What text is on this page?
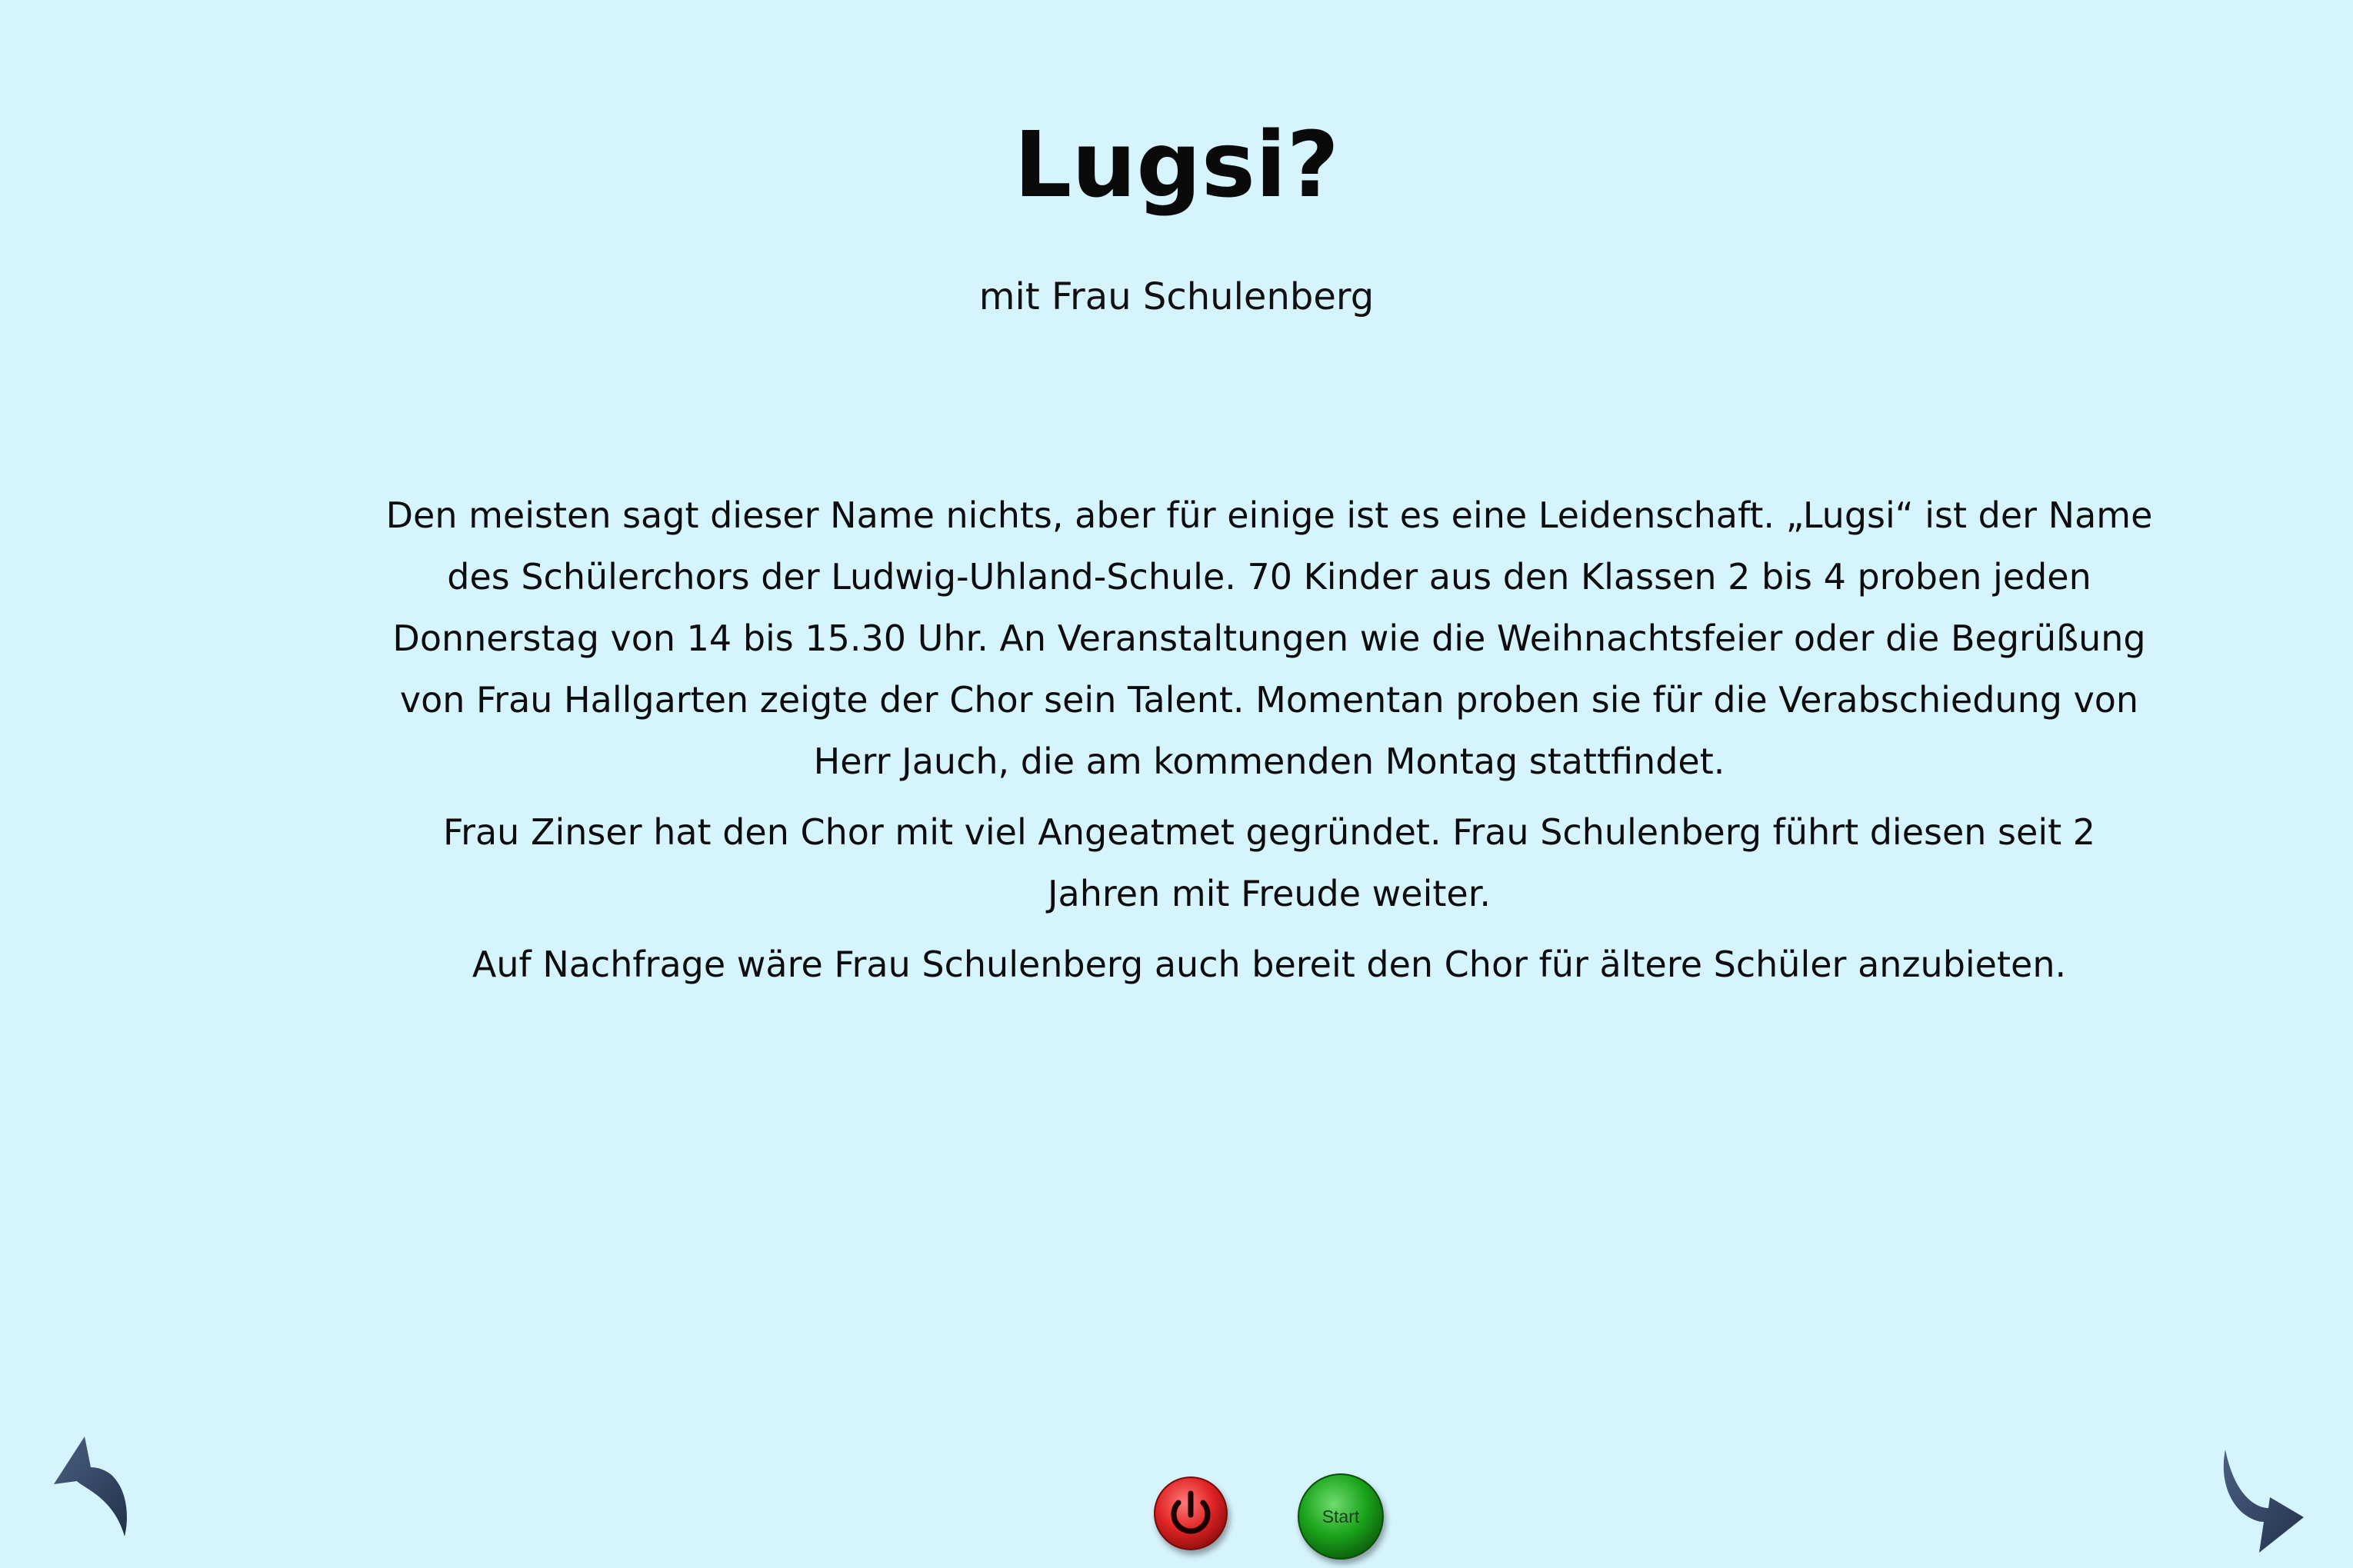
Lugsi?
mit Frau Schulenberg

Den meisten sagt dieser Name nichts, aber für einige ist es eine Leidenschaft. „Lugsi“ ist der Name des Schülerchors der Ludwig-Uhland-Schule. 70 Kinder aus den Klassen 2 bis 4 proben jeden Donnerstag von 14 bis 15.30 Uhr. An Veranstaltungen wie die Weihnachtsfeier oder die Begrüßung von Frau Hallgarten zeigte der Chor sein Talent. Momentan proben sie für die Verabschiedung von Herr Jauch, die am kommenden Montag stattfindet.

Frau Zinser hat den Chor mit viel Angeatmet gegründet. Frau Schulenberg führt diesen seit 2 Jahren mit Freude weiter.

Auf Nachfrage wäre Frau Schulenberg auch bereit den Chor für ältere Schüler anzubieten.

Start
